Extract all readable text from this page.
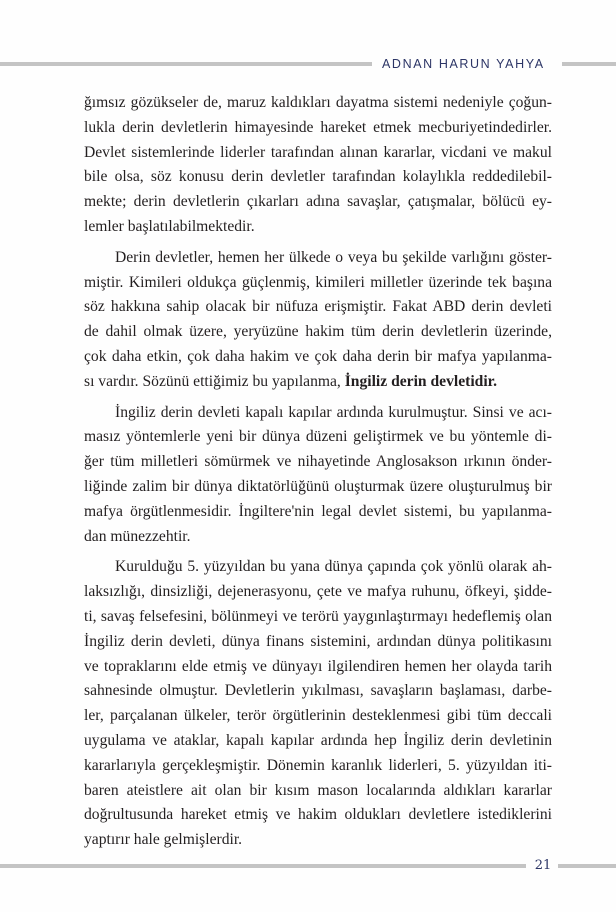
ADNAN HARUN YAHYA

ğımsız gözükseler de, maruz kaldıkları dayatma sistemi nedeniyle çoğun-
lukla derin devletlerin himayesinde hareket etmek mecburiyetindedirler.
Devlet sistemlerinde liderler tarafından alınan kararlar, vicdani ve makul
bile olsa, söz konusu derin devletler tarafından kolaylıkla reddedilebil-
mekte; derin devletlerin çıkarları adına savaşlar, çatışmalar, bölücü ey-
lemler başlatılabilmektedir.

Derin devletler, hemen her ülkede o veya bu şekilde varlığını göster-
miştir. Kimileri oldukça güçlenmiş, kimileri milletler üzerinde tek başına
söz hakkına sahip olacak bir nüfuza erişmiştir. Fakat ABD derin devleti
de dahil olmak üzere, yeryüzüne hakim tüm derin devletlerin üzerinde,
çok daha etkin, çok daha hakim ve çok daha derin bir mafya yapılanma-
sı vardır. Sözünü ettiğimiz bu yapılanma, İngiliz derin devletidir.

İngiliz derin devleti kapalı kapılar ardında kurulmuştur. Sinsi ve acı-
masız yöntemlerle yeni bir dünya düzeni geliştirmek ve bu yöntemle di-
ğer tüm milletleri sömürmek ve nihayetinde Anglosakson ırkının önder-
liğinde zalim bir dünya diktatörlüğünü oluşturmak üzere oluşturulmuş bir
mafya örgütlenmesidir. İngiltere'nin legal devlet sistemi, bu yapılanma-
dan münezzehtir.

Kurulduğu 5. yüzyıldan bu yana dünya çapında çok yönlü olarak ah-
laksızlığı, dinsizliği, dejenerasyonu, çete ve mafya ruhunu, öfkeyi, şidde-
ti, savaş felsefesini, bölünmeyi ve terörü yaygınlaştırmayı hedeflemiş olan
İngiliz derin devleti, dünya finans sistemini, ardından dünya politikasını
ve topraklarını elde etmiş ve dünyayı ilgilendiren hemen her olayda tarih
sahnesinde olmuştur. Devletlerin yıkılması, savaşların başlaması, darbe-
ler, parçalanan ülkeler, terör örgütlerinin desteklenmesi gibi tüm deccali
uygulama ve ataklar, kapalı kapılar ardında hep İngiliz derin devletinin
kararlarıyla gerçekleşmiştir. Dönemin karanlık liderleri, 5. yüzyıldan iti-
baren ateistlere ait olan bir kısım mason localarında aldıkları kararlar
doğrultusunda hareket etmiş ve hakim oldukları devletlere istediklerini
yaptırır hale gelmişlerdir.

21
